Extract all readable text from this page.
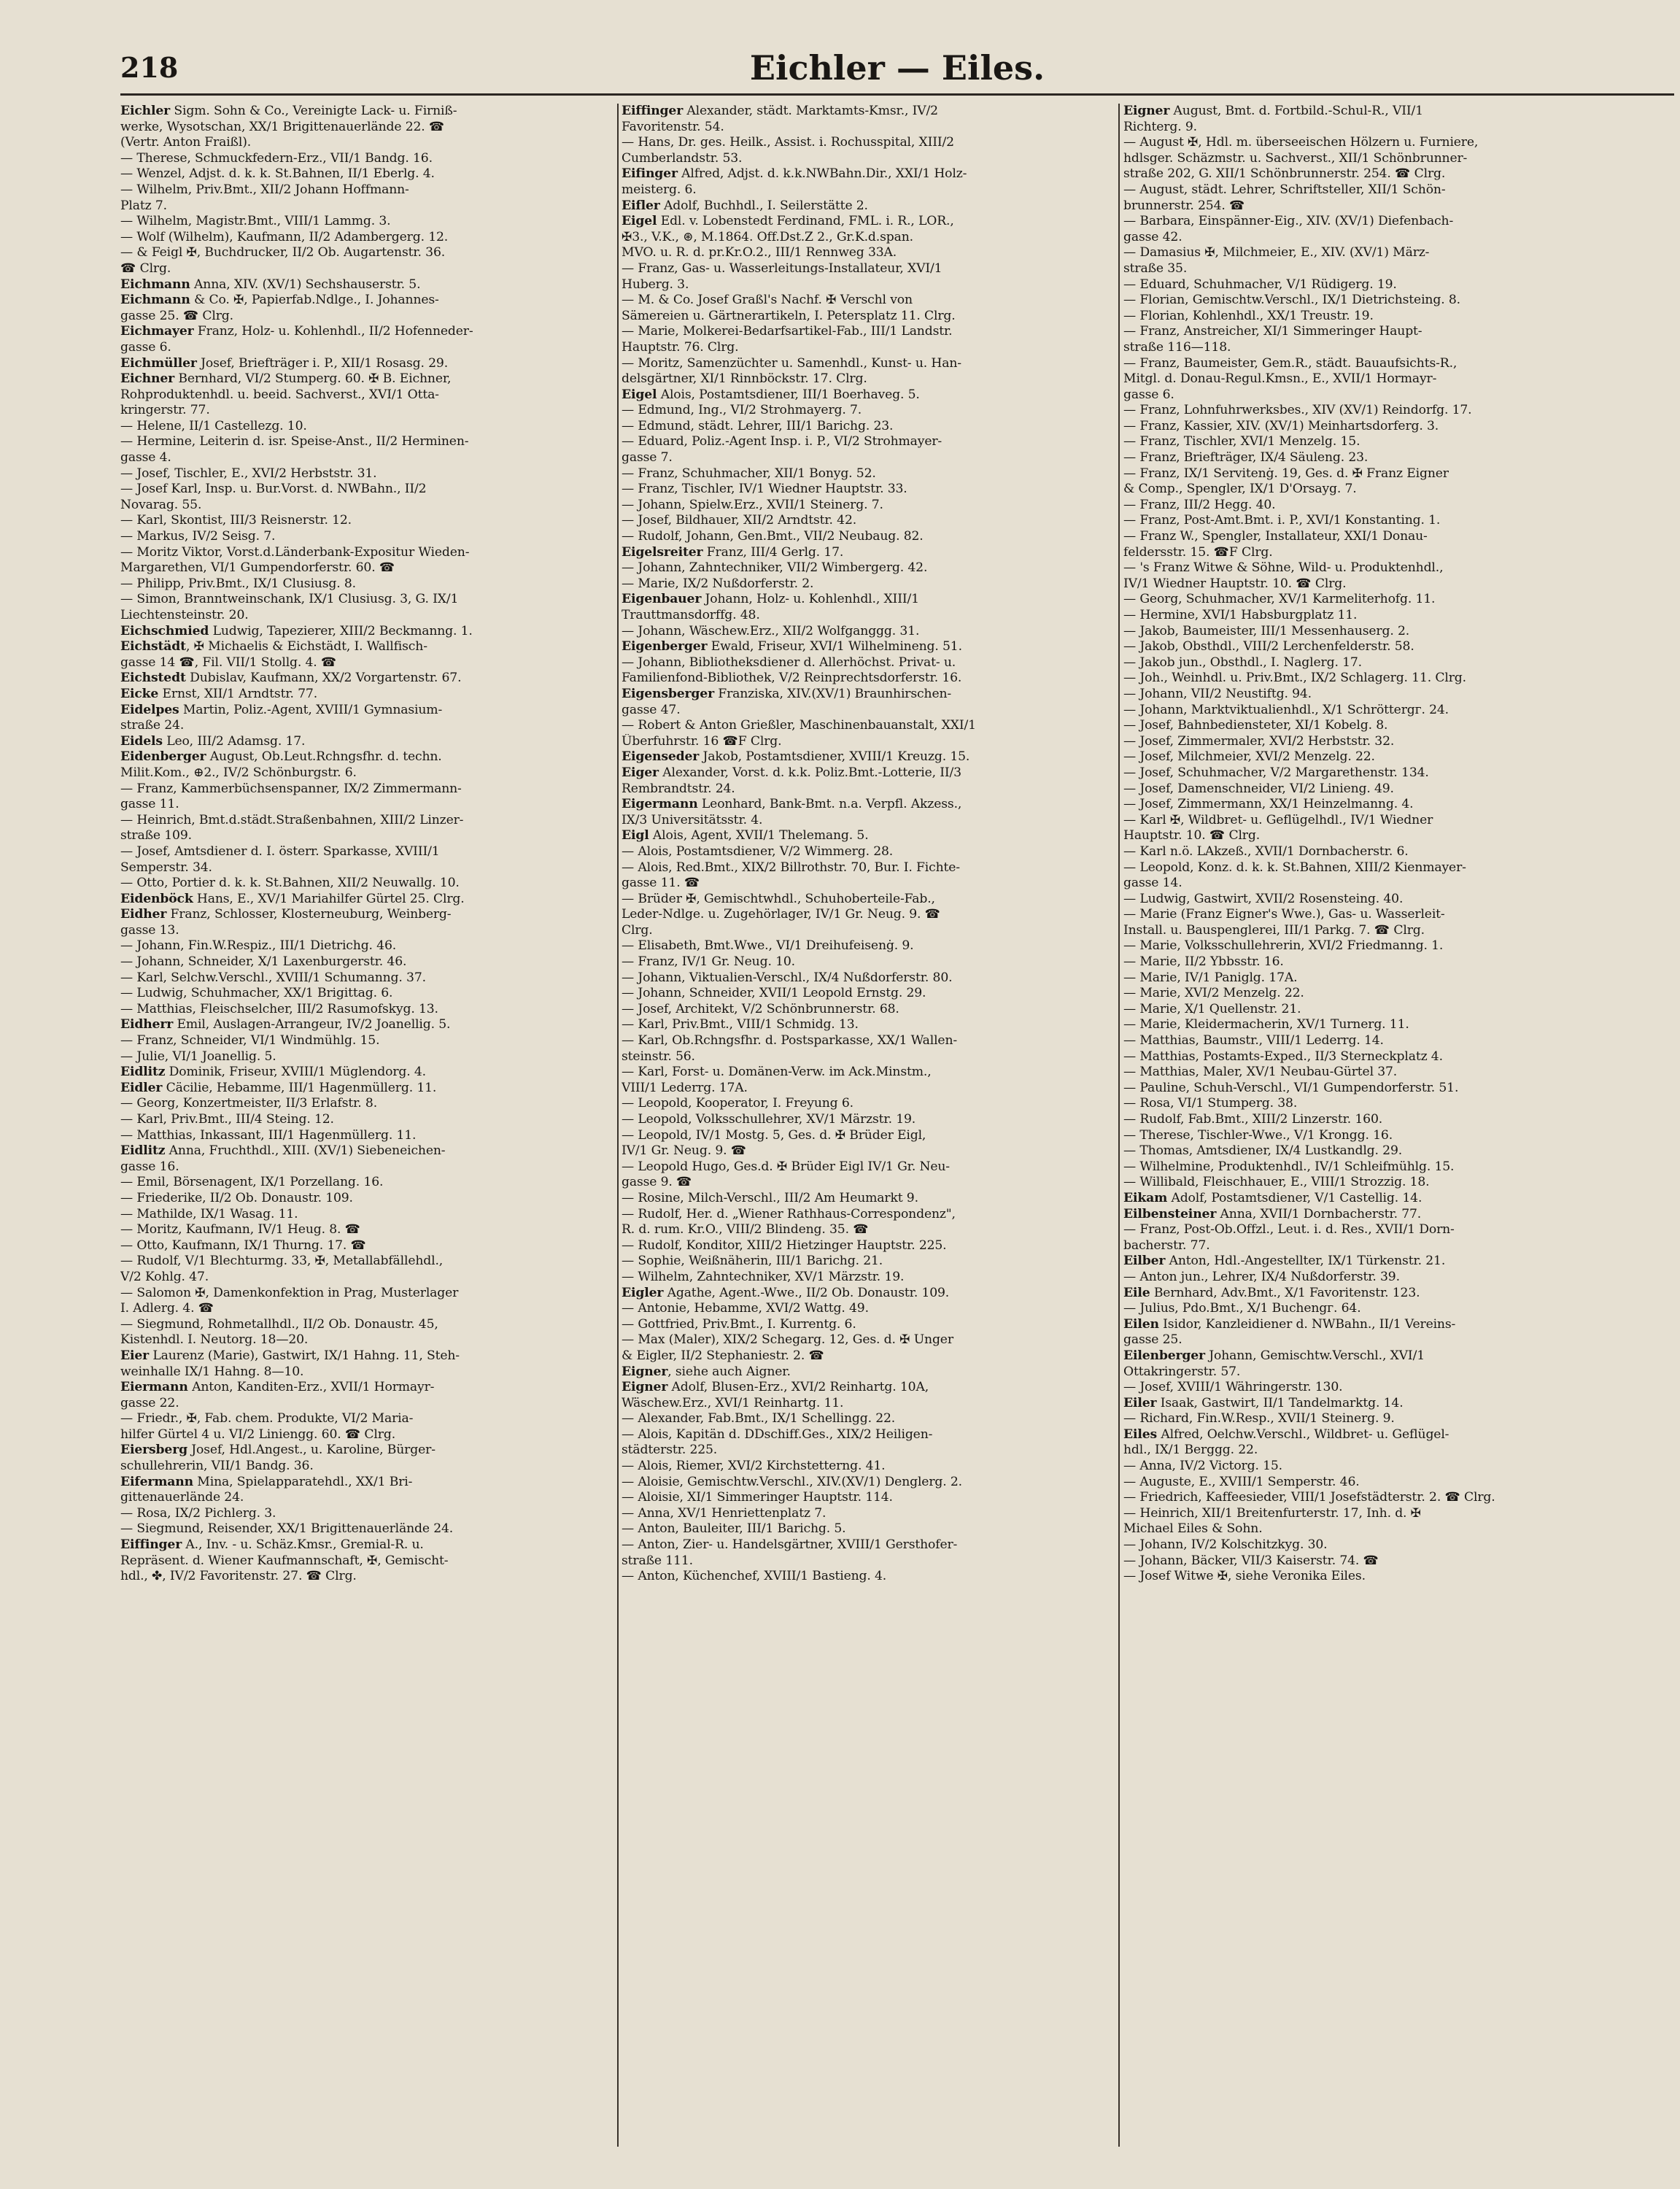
218	Eichler — Eiles.
Eichler Sigm. Sohn & Co., Vereinigte Lack- u. Firniß-
werke, Wysotschan, XX/1 Brigittenauerlände 22. ☎
(Vertr. Anton Fraißl).
— Therese, Schmuckfedern-Erz., VII/1 Bandg. 16.
— Wenzel, Adjst. d. k. k. St.Bahnen, II/1 Eberlg. 4.
— Wilhelm, Priv.Bmt., XII/2 Johann Hoffmann-
Platz 7.
— Wilhelm, Magistr.Bmt., VIII/1 Lammg. 3.
— Wolf (Wilhelm), Kaufmann, II/2 Adambergerg. 12.
— & Feigl ✠, Buchdrucker, II/2 Ob. Augartenstr. 36.
☎ Clrg.
Eichmann Anna, XIV. (XV/1) Sechshauserstr. 5.
Eichmann & Co. ✠, Papierfab.Ndlge., I. Johannes-
gasse 25. ☎ Clrg.
Eichmayer Franz, Holz- u. Kohlenhdl., II/2 Hofenneder-
gasse 6.
Eichmüller Josef, Briefträger i. P., XII/1 Rosasg. 29.
Eichner Bernhard, VI/2 Stumperg. 60. ✠ B. Eichner,
Rohproduktenhdl. u. beeid. Sachverst., XVI/1 Otta-
kringerstr. 77.
— Helene, II/1 Castellezg. 10.
— Hermine, Leiterin d. isr. Speise-Anst., II/2 Herminen-
gasse 4.
— Josef, Tischler, E., XVI/2 Herbststr. 31.
— Josef Karl, Insp. u. Bur.Vorst. d. NWBahn., II/2
Novarag. 55.
— Karl, Skontist, III/3 Reisnerstr. 12.
— Markus, IV/2 Seisg. 7.
— Moritz Viktor, Vorst.d.Länderbank-Expositur Wieden-
Margarethen, VI/1 Gumpendorferstr. 60. ☎
— Philipp, Priv.Bmt., IX/1 Clusiusg. 8.
— Simon, Branntweinschank, IX/1 Clusiusg. 3, G. IX/1
Liechtensteinstr. 20.
Eichschmied Ludwig, Tapezierer, XIII/2 Beckmanng. 1.
Eichstädt, ✠ Michaelis & Eichstädt, I. Wallfisch-
gasse 14 ☎, Fil. VII/1 Stollg. 4. ☎
Eichstedt Dubislav, Kaufmann, XX/2 Vorgartenstr. 67.
Eicke Ernst, XII/1 Arndtstr. 77.
Eidelpes Martin, Poliz.-Agent, XVIII/1 Gymnasium-
straße 24.
Eidels Leo, III/2 Adamsg. 17.
Eidenberger August, Ob.Leut.Rchngsfhr. d. techn.
Milit.Kom., ⊕2., IV/2 Schönburgstr. 6.
— Franz, Kammerbüchsenspanner, IX/2 Zimmermann-
gasse 11.
— Heinrich, Bmt.d.städt.Straßenbahnen, XIII/2 Linzer-
straße 109.
— Josef, Amtsdiener d. I. österr. Sparkasse, XVIII/1
Semperstr. 34.
— Otto, Portier d. k. k. St.Bahnen, XII/2 Neuwallg. 10.
Eidenböck Hans, E., XV/1 Mariahilfer Gürtel 25. Clrg.
Eidher Franz, Schlosser, Klosterneuburg, Weinberg-
gasse 13.
— Johann, Fin.W.Respiz., III/1 Dietrichg. 46.
— Johann, Schneider, X/1 Laxenburgerstr. 46.
— Karl, Selchw.Verschl., XVIII/1 Schumanng. 37.
— Ludwig, Schuhmacher, XX/1 Brigittag. 6.
— Matthias, Fleischselcher, III/2 Rasumofskyg. 13.
Eidherr Emil, Auslagen-Arrangeur, IV/2 Joanellig. 5.
— Franz, Schneider, VI/1 Windmühlg. 15.
— Julie, VI/1 Joanellig. 5.
Eidlitz Dominik, Friseur, XVIII/1 Müglendorg. 4.
Eidler Cäcilie, Hebamme, III/1 Hagenmüllerg. 11.
— Georg, Konzertmeister, II/3 Erlafstr. 8.
— Karl, Priv.Bmt., III/4 Steing. 12.
— Matthias, Inkassant, III/1 Hagenmüllerg. 11.
Eidlitz Anna, Fruchthdl., XIII. (XV/1) Siebeneichen-
gasse 16.
— Emil, Börsenagent, IX/1 Porzellang. 16.
— Friederike, II/2 Ob. Donaustr. 109.
— Mathilde, IX/1 Wasag. 11.
— Moritz, Kaufmann, IV/1 Heug. 8. ☎
— Otto, Kaufmann, IX/1 Thurng. 17. ☎
— Rudolf, V/1 Blechturmg. 33, ✠, Metallabfällehdl.,
V/2 Kohlg. 47.
— Salomon ✠, Damenkonfektion in Prag, Musterlager
I. Adlerg. 4. ☎
— Siegmund, Rohmetallhdl., II/2 Ob. Donaustr. 45,
Kistenhdl. I. Neutorg. 18—20.
Eier Laurenz (Marie), Gastwirt, IX/1 Hahng. 11, Steh-
weinhalle IX/1 Hahng. 8—10.
Eiermann Anton, Kanditen-Erz., XVII/1 Hormayr-
gasse 22.
— Friedr., ✠, Fab. chem. Produkte, VI/2 Maria-
hilfer Gürtel 4 u. VI/2 Liniengg. 60. ☎ Clrg.
Eiersberg Josef, Hdl.Angest., u. Karoline, Bürger-
schullehrerin, VII/1 Bandg. 36.
Eifermann Mina, Spielapparatehdl., XX/1 Bri-
gittenauerlände 24.
— Rosa, IX/2 Pichlerg. 3.
— Siegmund, Reisender, XX/1 Brigittenauerlände 24.
Eiffinger A., Inv. - u. Schäz.Kmsr., Gremial-R. u.
Repräsent. d. Wiener Kaufmannschaft, ✠, Gemischt-
hdl., ✤, IV/2 Favoritenstr. 27. ☎ Clrg.
Eiffinger Alexander, städt. Marktamts-Kmsr., IV/2
Favoritenstr. 54.
— Hans, Dr. ges. Heilk., Assist. i. Rochusspital, XIII/2
Cumberlandstr. 53.
Eifinger Alfred, Adjst. d. k.k.NWBahn.Dir., XXI/1 Holz-
meisterg. 6.
Eifler Adolf, Buchhdl., I. Seilerstätte 2.
Eigel Edl. v. Lobenstedt Ferdinand, FML. i. R., LOR.,
✠3., V.K., ⊛, M.1864. Off.Dst.Z 2., Gr.K.d.span.
MVO. u. R. d. pr.Kr.O.2., III/1 Rennweg 33A.
— Franz, Gas- u. Wasserleitungs-Installateur, XVI/1
Huberg. 3.
— M. & Co. Josef Graßl's Nachf. ✠ Verschl von
Sämereien u. Gärtnerartikeln, I. Petersplatz 11. Clrg.
— Marie, Molkerei-Bedarfsartikel-Fab., III/1 Landstr.
Hauptstr. 76. Clrg.
— Moritz, Samenzüchter u. Samenhdl., Kunst- u. Han-
delsgärtner, XI/1 Rinnböckstr. 17. Clrg.
Eigel Alois, Postamtsdiener, III/1 Boerhaveg. 5.
— Edmund, Ing., VI/2 Strohmayerg. 7.
— Edmund, städt. Lehrer, III/1 Barichg. 23.
— Eduard, Poliz.-Agent Insp. i. P., VI/2 Strohmayer-
gasse 7.
— Franz, Schuhmacher, XII/1 Bonyg. 52.
— Franz, Tischler, IV/1 Wiedner Hauptstr. 33.
— Johann, Spielw.Erz., XVII/1 Steinerg. 7.
— Josef, Bildhauer, XII/2 Arndtstr. 42.
— Rudolf, Johann, Gen.Bmt., VII/2 Neubaug. 82.
Eigelsreiter Franz, III/4 Gerlg. 17.
— Johann, Zahntechniker, VII/2 Wimbergerg. 42.
— Marie, IX/2 Nußdorferstr. 2.
Eigenbauer Johann, Holz- u. Kohlenhdl., XIII/1
Trauttmansdorffg. 48.
— Johann, Wäschew.Erz., XII/2 Wolfganggg. 31.
Eigenberger Ewald, Friseur, XVI/1 Wilhelmineng. 51.
— Johann, Bibliotheksdiener d. Allerhöchst. Privat- u.
Familienfond-Bibliothek, V/2 Reinprechtsdorferstr. 16.
Eigensberger Franziska, XIV.(XV/1) Braunhirschen-
gasse 47.
— Robert & Anton Grießler, Maschinenbauanstalt, XXI/1
Überfuhrstr. 16 ☎F Clrg.
Eigenseder Jakob, Postamtsdiener, XVIII/1 Kreuzg. 15.
Eiger Alexander, Vorst. d. k.k. Poliz.Bmt.-Lotterie, II/3
Rembrandtstr. 24.
Eigermann Leonhard, Bank-Bmt. n.a. Verpfl. Akzess.,
IX/3 Universitätsstr. 4.
Eigl Alois, Agent, XVII/1 Thelemang. 5.
— Alois, Postamtsdiener, V/2 Wimmerg. 28.
— Alois, Red.Bmt., XIX/2 Billrothstr. 70, Bur. I. Fichte-
gasse 11. ☎
— Brüder ✠, Gemischtwhdl., Schuhoberteile-Fab.,
Leder-Ndlge. u. Zugehörlager, IV/1 Gr. Neug. 9. ☎
Clrg.
— Elisabeth, Bmt.Wwe., VI/1 Dreihufeisenġ. 9.
— Franz, IV/1 Gr. Neug. 10.
— Johann, Viktualien-Verschl., IX/4 Nußdorferstr. 80.
— Johann, Schneider, XVII/1 Leopold Ernstg. 29.
— Josef, Architekt, V/2 Schönbrunnerstr. 68.
— Karl, Priv.Bmt., VIII/1 Schmidg. 13.
— Karl, Ob.Rchngsfhr. d. Postsparkasse, XX/1 Wallen-
steinstr. 56.
— Karl, Forst- u. Domänen-Verw. im Ack.Minstm.,
VIII/1 Lederrg. 17A.
— Leopold, Kooperator, I. Freyung 6.
— Leopold, Volksschullehrer, XV/1 Märzstr. 19.
— Leopold, IV/1 Mostg. 5, Ges. d. ✠ Brüder Eigl,
IV/1 Gr. Neug. 9. ☎
— Leopold Hugo, Ges.d. ✠ Brüder Eigl IV/1 Gr. Neu-
gasse 9. ☎
— Rosine, Milch-Verschl., III/2 Am Heumarkt 9.
— Rudolf, Her. d. „Wiener Rathhaus-Correspondenz",
R. d. rum. Kr.O., VIII/2 Blindeng. 35. ☎
— Rudolf, Konditor, XIII/2 Hietzinger Hauptstr. 225.
— Sophie, Weißnäherin, III/1 Barichg. 21.
— Wilhelm, Zahntechniker, XV/1 Märzstr. 19.
Eigler Agathe, Agent.-Wwe., II/2 Ob. Donaustr. 109.
— Antonie, Hebamme, XVI/2 Wattg. 49.
— Gottfried, Priv.Bmt., I. Kurrentg. 6.
— Max (Maler), XIX/2 Schegarg. 12, Ges. d. ✠ Unger
& Eigler, II/2 Stephaniestr. 2. ☎
Eigner, siehe auch Aigner.
Eigner Adolf, Blusen-Erz., XVI/2 Reinhartg. 10A,
Wäschew.Erz., XVI/1 Reinhartg. 11.
— Alexander, Fab.Bmt., IX/1 Schellingg. 22.
— Alois, Kapitän d. DDschiff.Ges., XIX/2 Heiligen-
städterstr. 225.
— Alois, Riemer, XVI/2 Kirchstetterng. 41.
— Aloisie, Gemischtw.Verschl., XIV.(XV/1) Denglerg. 2.
— Aloisie, XI/1 Simmeringer Hauptstr. 114.
— Anna, XV/1 Henriettenplatz 7.
— Anton, Bauleiter, III/1 Barichg. 5.
— Anton, Zier- u. Handelsgärtner, XVIII/1 Gersthofer-
straße 111.
— Anton, Küchenchef, XVIII/1 Bastieng. 4.
Eigner August, Bmt. d. Fortbild.-Schul-R., VII/1
Richterg. 9.
— August ✠, Hdl. m. überseeischen Hölzern u. Furniere,
hdlsger. Schäzmstr. u. Sachverst., XII/1 Schönbrunner-
straße 202, G. XII/1 Schönbrunnerstr. 254. ☎ Clrg.
— August, städt. Lehrer, Schriftsteller, XII/1 Schön-
brunnerstr. 254. ☎
— Barbara, Einspänner-Eig., XIV. (XV/1) Diefenbach-
gasse 42.
— Damasius ✠, Milchmeier, E., XIV. (XV/1) März-
straße 35.
— Eduard, Schuhmacher, V/1 Rüdigerg. 19.
— Florian, Gemischtw.Verschl., IX/1 Dietrichsteing. 8.
— Florian, Kohlenhdl., XX/1 Treustr. 19.
— Franz, Anstreicher, XI/1 Simmeringer Haupt-
straße 116—118.
— Franz, Baumeister, Gem.R., städt. Bauaufsichts-R.,
Mitgl. d. Donau-Regul.Kmsn., E., XVII/1 Hormayr-
gasse 6.
— Franz, Lohnfuhrwerksbes., XIV (XV/1) Reindorfg. 17.
— Franz, Kassier, XIV. (XV/1) Meinhartsdorferg. 3.
— Franz, Tischler, XVI/1 Menzelg. 15.
— Franz, Briefträger, IX/4 Säuleng. 23.
— Franz, IX/1 Servitenġ. 19, Ges. d. ✠ Franz Eigner
& Comp., Spengler, IX/1 D'Orsayg. 7.
— Franz, III/2 Hegg. 40.
— Franz, Post-Amt.Bmt. i. P., XVI/1 Konstanting. 1.
— Franz W., Spengler, Installateur, XXI/1 Donau-
feldersstr. 15. ☎F Clrg.
— 's Franz Witwe & Söhne, Wild- u. Produktenhdl.,
IV/1 Wiedner Hauptstr. 10. ☎ Clrg.
— Georg, Schuhmacher, XV/1 Karmeliterhofg. 11.
— Hermine, XVI/1 Habsburgplatz 11.
— Jakob, Baumeister, III/1 Messenhauserg. 2.
— Jakob, Obsthdl., VIII/2 Lerchenfelderstr. 58.
— Jakob jun., Obsthdl., I. Naglerg. 17.
— Joh., Weinhdl. u. Priv.Bmt., IX/2 Schlagerg. 11. Clrg.
— Johann, VII/2 Neustiftg. 94.
— Johann, Marktviktualienhdl., X/1 Schröttergг. 24.
— Josef, Bahnbediensteter, XI/1 Kobelg. 8.
— Josef, Zimmermaler, XVI/2 Herbststr. 32.
— Josef, Milchmeier, XVI/2 Menzelg. 22.
— Josef, Schuhmacher, V/2 Margarethenstr. 134.
— Josef, Damenschneider, VI/2 Linieng. 49.
— Josef, Zimmermann, XX/1 Heinzelmanng. 4.
— Karl ✠, Wildbret- u. Geflügelhdl., IV/1 Wiedner
Hauptstr. 10. ☎ Clrg.
— Karl n.ö. LAkzeß., XVII/1 Dornbacherstr. 6.
— Leopold, Konz. d. k. k. St.Bahnen, XIII/2 Kienmayer-
gasse 14.
— Ludwig, Gastwirt, XVII/2 Rosensteing. 40.
— Marie (Franz Eigner's Wwe.), Gas- u. Wasserleit-
Install. u. Bauspenglerei, III/1 Parkg. 7. ☎ Clrg.
— Marie, Volksschullehrerin, XVI/2 Friedmanng. 1.
— Marie, II/2 Ybbsstr. 16.
— Marie, IV/1 Paniglg. 17A.
— Marie, XVI/2 Menzelg. 22.
— Marie, X/1 Quellenstr. 21.
— Marie, Kleidermacherin, XV/1 Turnerg. 11.
— Matthias, Baumstr., VIII/1 Lederrg. 14.
— Matthias, Postamts-Exped., II/3 Sterneckplatz 4.
— Matthias, Maler, XV/1 Neubau-Gürtel 37.
— Pauline, Schuh-Verschl., VI/1 Gumpendorferstr. 51.
— Rosa, VI/1 Stumperg. 38.
— Rudolf, Fab.Bmt., XIII/2 Linzerstr. 160.
— Therese, Tischler-Wwe., V/1 Krongg. 16.
— Thomas, Amtsdiener, IX/4 Lustkandlg. 29.
— Wilhelmine, Produktenhdl., IV/1 Schleifmühlg. 15.
— Willibald, Fleischhauer, E., VIII/1 Strozzig. 18.
Eikam Adolf, Postamtsdiener, V/1 Castellig. 14.
Eilbensteiner Anna, XVII/1 Dornbacherstr. 77.
— Franz, Post-Ob.Offzl., Leut. i. d. Res., XVII/1 Dorn-
bacherstr. 77.
Eilber Anton, Hdl.-Angestellter, IX/1 Türkenstr. 21.
— Anton jun., Lehrer, IX/4 Nußdorferstr. 39.
Eile Bernhard, Adv.Bmt., X/1 Favoritenstr. 123.
— Julius, Pdo.Bmt., X/1 Buchengг. 64.
Eilen Isidor, Kanzleidiener d. NWBahn., II/1 Vereins-
gasse 25.
Eilenberger Johann, Gemischtw.Verschl., XVI/1
Ottakringerstr. 57.
— Josef, XVIII/1 Währingerstr. 130.
Eiler Isaak, Gastwirt, II/1 Tandelmarktg. 14.
— Richard, Fin.W.Resp., XVII/1 Steinerg. 9.
Eiles Alfred, Oelchw.Verschl., Wildbret- u. Geflügel-
hdl., IX/1 Berggg. 22.
— Anna, IV/2 Victorg. 15.
— Auguste, E., XVIII/1 Semperstr. 46.
— Friedrich, Kaffeesieder, VIII/1 Josefstädterstr. 2. ☎ Clrg.
— Heinrich, XII/1 Breitenfurterstr. 17, Inh. d. ✠
Michael Eiles & Sohn.
— Johann, IV/2 Kolschitzkyg. 30.
— Johann, Bäcker, VII/3 Kaiserstr. 74. ☎
— Josef Witwe ✠, siehe Veronika Eiles.
